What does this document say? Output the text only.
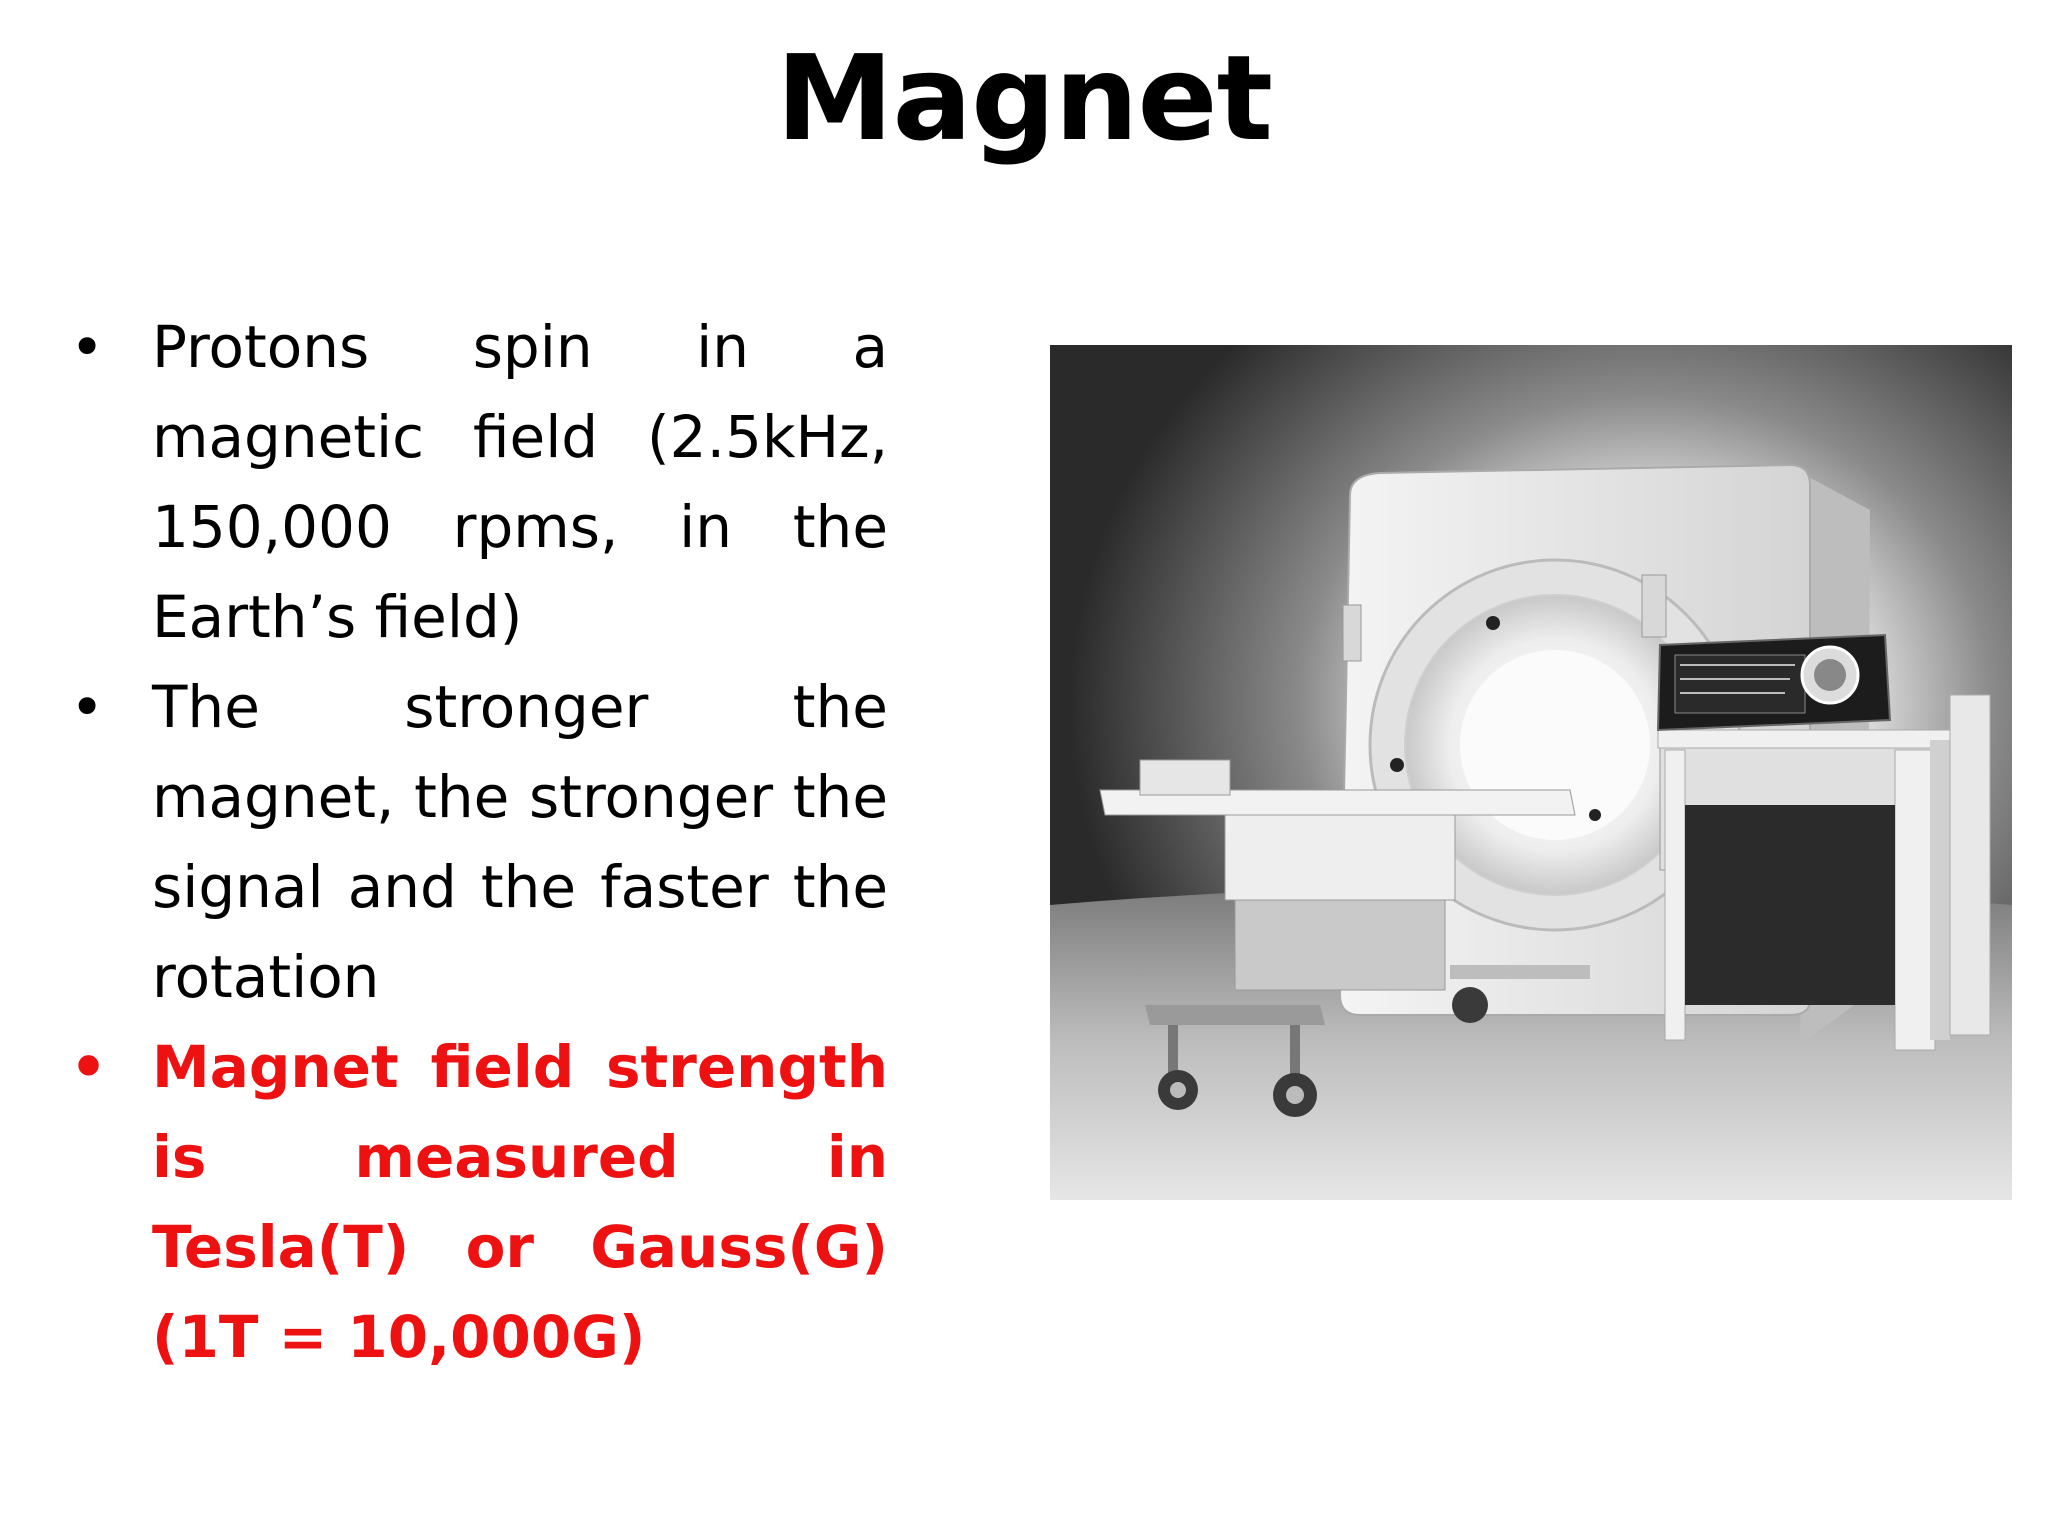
Magnet
• Protons spin in a magnetic field (2.5kHz, 150,000 rpms, in the Earth’s field)
• The stronger the magnet, the stronger the signal and the faster the rotation
• Magnet field strength is measured in Tesla(T) or Gauss(G) (1T = 10,000G)
